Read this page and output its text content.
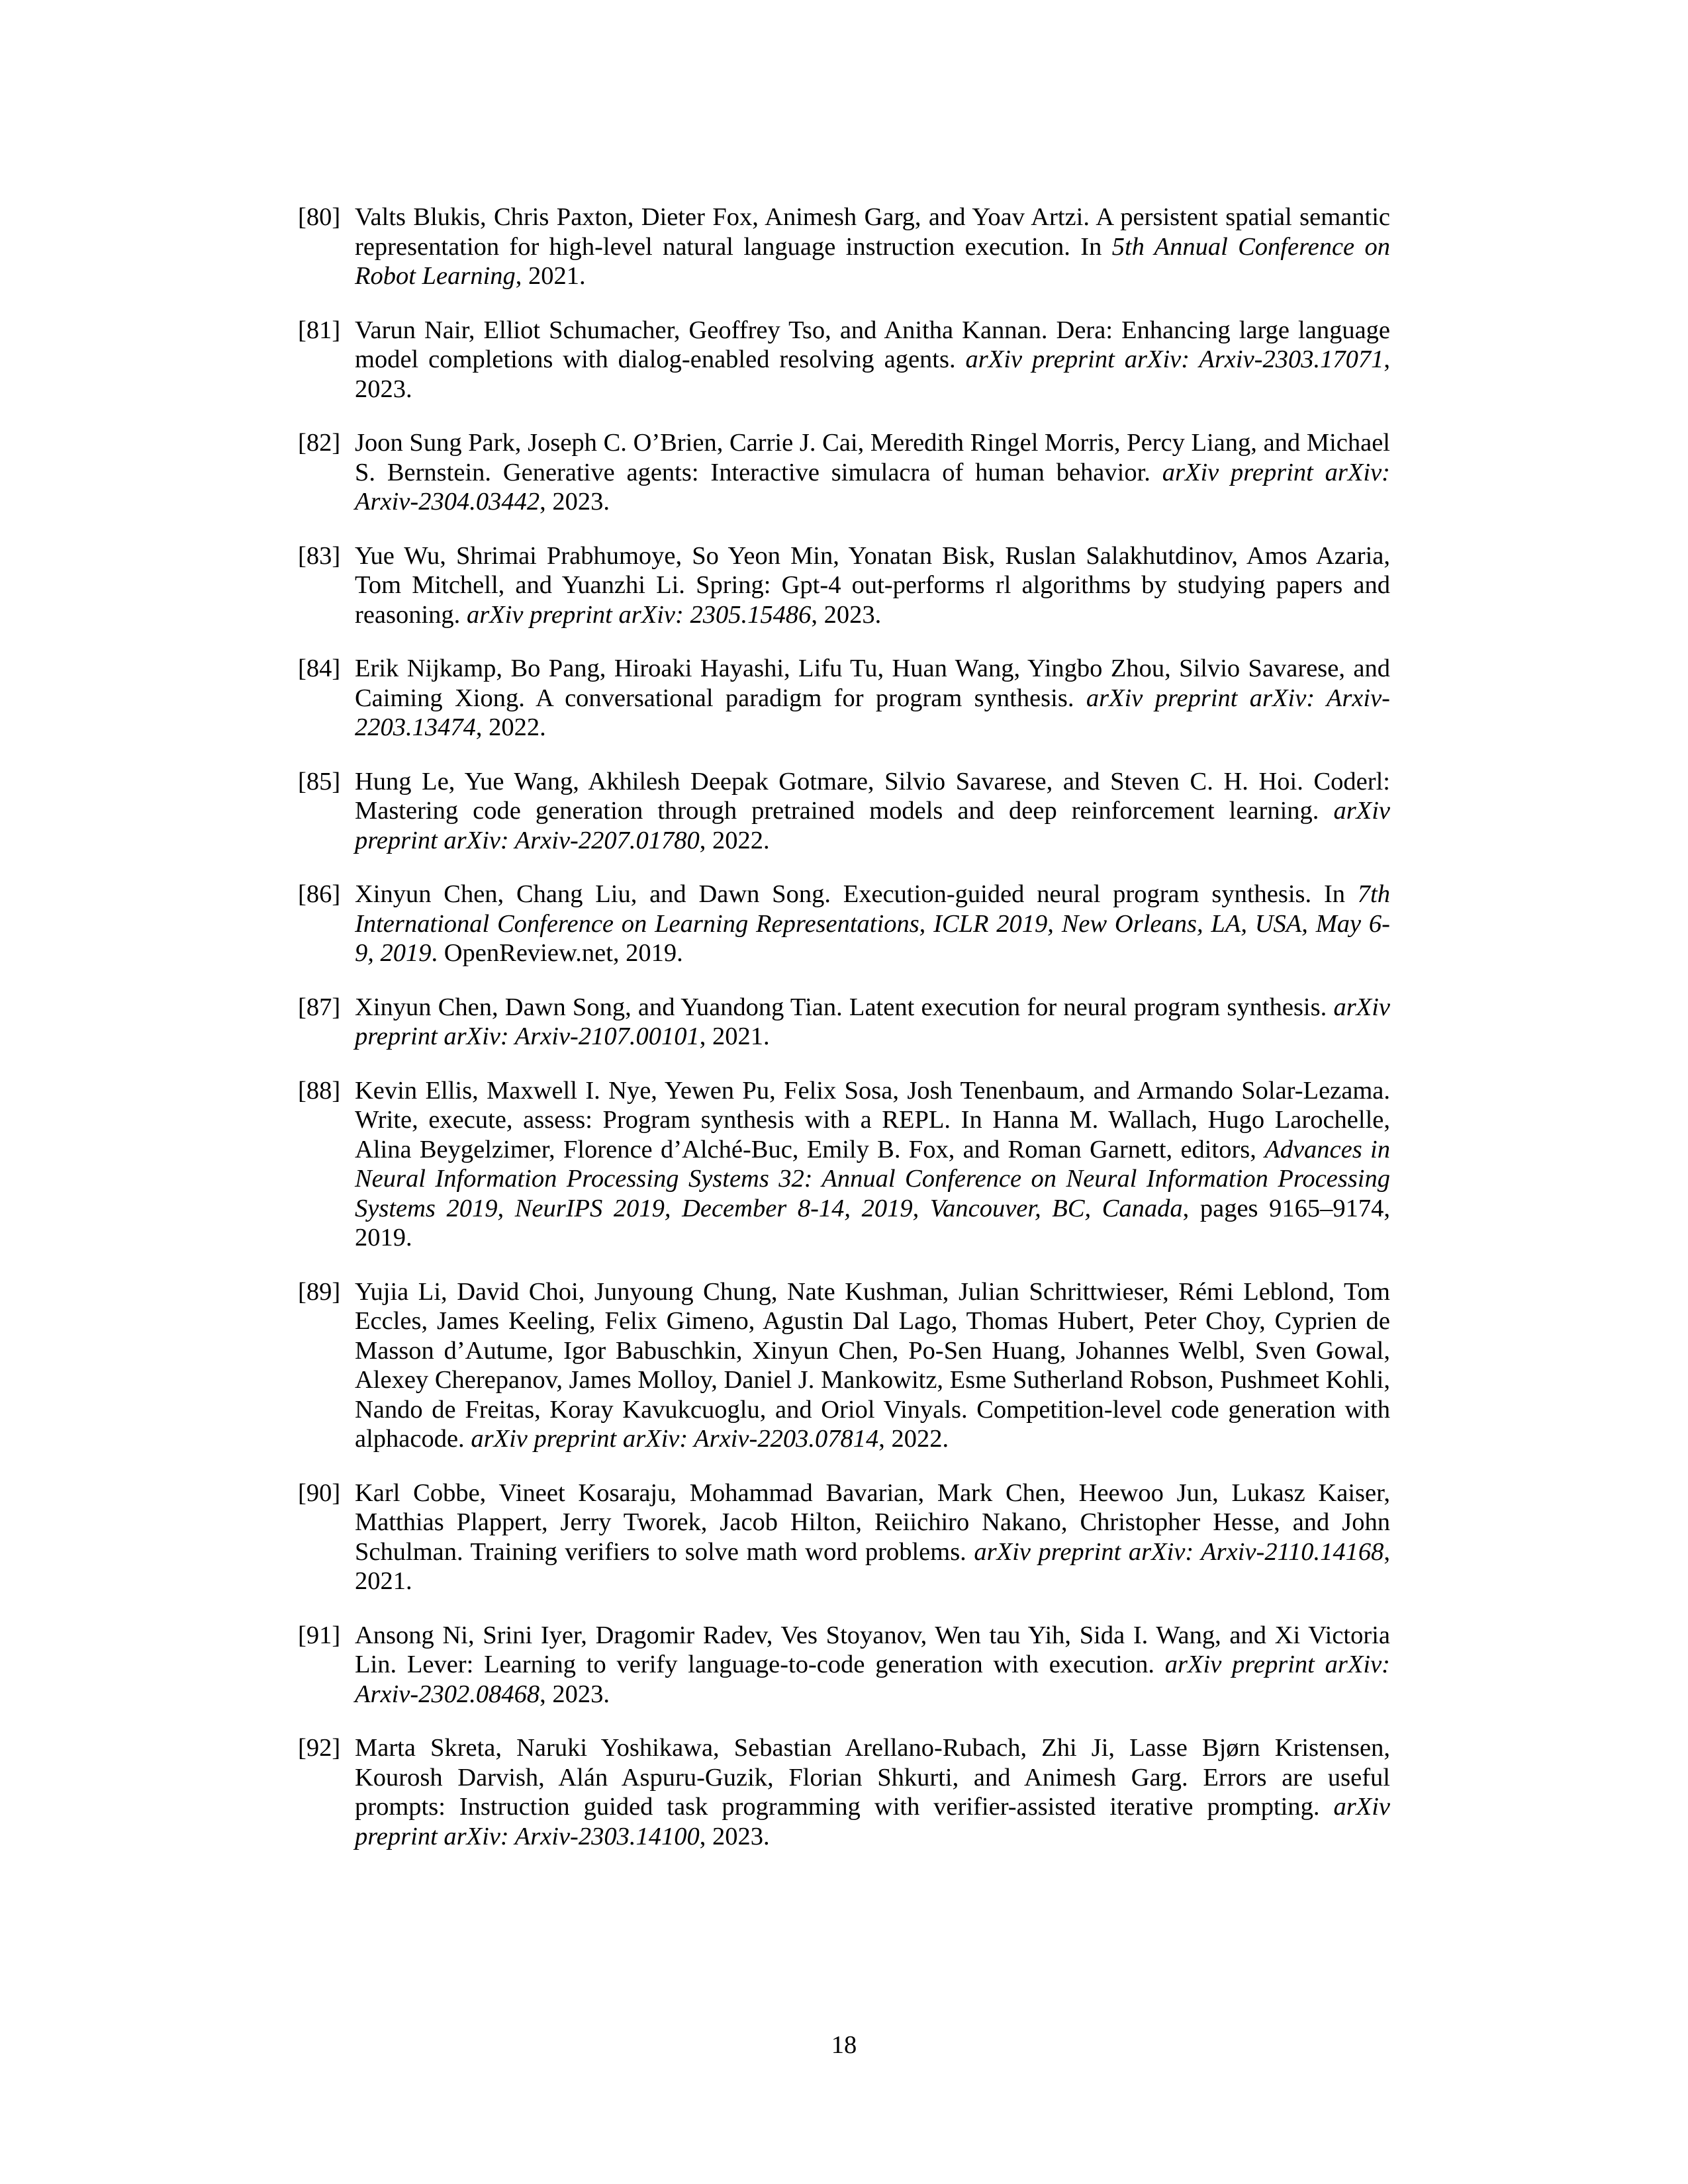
[80] Valts Blukis, Chris Paxton, Dieter Fox, Animesh Garg, and Yoav Artzi. A persistent spatial semantic representation for high-level natural language instruction execution. In 5th Annual Conference on Robot Learning, 2021.
[81] Varun Nair, Elliot Schumacher, Geoffrey Tso, and Anitha Kannan. Dera: Enhancing large language model completions with dialog-enabled resolving agents. arXiv preprint arXiv: Arxiv-2303.17071, 2023.
[82] Joon Sung Park, Joseph C. O’Brien, Carrie J. Cai, Meredith Ringel Morris, Percy Liang, and Michael S. Bernstein. Generative agents: Interactive simulacra of human behavior. arXiv preprint arXiv: Arxiv-2304.03442, 2023.
[83] Yue Wu, Shrimai Prabhumoye, So Yeon Min, Yonatan Bisk, Ruslan Salakhutdinov, Amos Azaria, Tom Mitchell, and Yuanzhi Li. Spring: Gpt-4 out-performs rl algorithms by studying papers and reasoning. arXiv preprint arXiv: 2305.15486, 2023.
[84] Erik Nijkamp, Bo Pang, Hiroaki Hayashi, Lifu Tu, Huan Wang, Yingbo Zhou, Silvio Savarese, and Caiming Xiong. A conversational paradigm for program synthesis. arXiv preprint arXiv: Arxiv-2203.13474, 2022.
[85] Hung Le, Yue Wang, Akhilesh Deepak Gotmare, Silvio Savarese, and Steven C. H. Hoi. Coderl: Mastering code generation through pretrained models and deep reinforcement learning. arXiv preprint arXiv: Arxiv-2207.01780, 2022.
[86] Xinyun Chen, Chang Liu, and Dawn Song. Execution-guided neural program synthesis. In 7th International Conference on Learning Representations, ICLR 2019, New Orleans, LA, USA, May 6-9, 2019. OpenReview.net, 2019.
[87] Xinyun Chen, Dawn Song, and Yuandong Tian. Latent execution for neural program synthesis. arXiv preprint arXiv: Arxiv-2107.00101, 2021.
[88] Kevin Ellis, Maxwell I. Nye, Yewen Pu, Felix Sosa, Josh Tenenbaum, and Armando Solar-Lezama. Write, execute, assess: Program synthesis with a REPL. In Hanna M. Wallach, Hugo Larochelle, Alina Beygelzimer, Florence d’Alché-Buc, Emily B. Fox, and Roman Garnett, editors, Advances in Neural Information Processing Systems 32: Annual Conference on Neural Information Processing Systems 2019, NeurIPS 2019, December 8-14, 2019, Vancouver, BC, Canada, pages 9165–9174, 2019.
[89] Yujia Li, David Choi, Junyoung Chung, Nate Kushman, Julian Schrittwieser, Rémi Leblond, Tom Eccles, James Keeling, Felix Gimeno, Agustin Dal Lago, Thomas Hubert, Peter Choy, Cyprien de Masson d’Autume, Igor Babuschkin, Xinyun Chen, Po-Sen Huang, Johannes Welbl, Sven Gowal, Alexey Cherepanov, James Molloy, Daniel J. Mankowitz, Esme Sutherland Robson, Pushmeet Kohli, Nando de Freitas, Koray Kavukcuoglu, and Oriol Vinyals. Competition-level code generation with alphacode. arXiv preprint arXiv: Arxiv-2203.07814, 2022.
[90] Karl Cobbe, Vineet Kosaraju, Mohammad Bavarian, Mark Chen, Heewoo Jun, Lukasz Kaiser, Matthias Plappert, Jerry Tworek, Jacob Hilton, Reiichiro Nakano, Christopher Hesse, and John Schulman. Training verifiers to solve math word problems. arXiv preprint arXiv: Arxiv-2110.14168, 2021.
[91] Ansong Ni, Srini Iyer, Dragomir Radev, Ves Stoyanov, Wen tau Yih, Sida I. Wang, and Xi Victoria Lin. Lever: Learning to verify language-to-code generation with execution. arXiv preprint arXiv: Arxiv-2302.08468, 2023.
[92] Marta Skreta, Naruki Yoshikawa, Sebastian Arellano-Rubach, Zhi Ji, Lasse Bjørn Kristensen, Kourosh Darvish, Alán Aspuru-Guzik, Florian Shkurti, and Animesh Garg. Errors are useful prompts: Instruction guided task programming with verifier-assisted iterative prompting. arXiv preprint arXiv: Arxiv-2303.14100, 2023.
18
